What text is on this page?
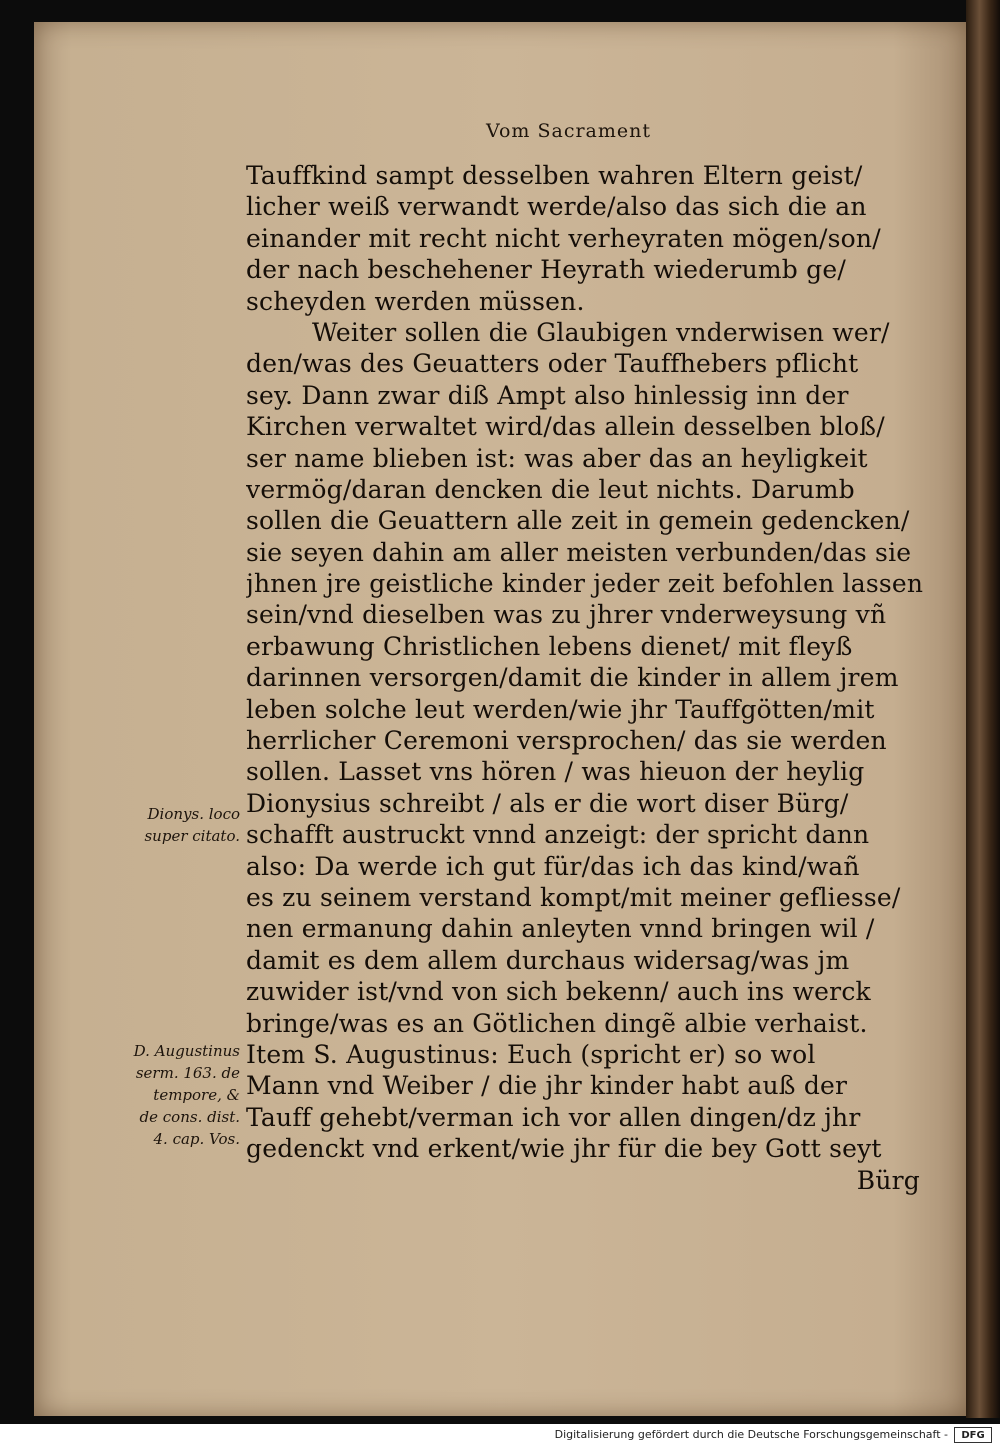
Vom Sacrament
Tauffkind sampt desselben wahren Eltern geist/
licher weiß verwandt werde/also das sich die an
einander mit recht nicht verheyraten mögen/son/
der nach beschehener Heyrath wiederumb ge/
scheyden werden müssen.
Weiter sollen die Glaubigen vnderwisen wer/
den/was des Geuatters oder Tauffhebers pflicht
sey. Dann zwar diß Ampt also hinlessig inn der
Kirchen verwaltet wird/das allein desselben bloß/
ser name blieben ist: was aber das an heyligkeit
vermög/daran dencken die leut nichts. Darumb
sollen die Geuattern alle zeit in gemein gedencken/
sie seyen dahin am aller meisten verbunden/das sie
jhnen jre geistliche kinder jeder zeit befohlen lassen
sein/vnd dieselben was zu jhrer vnderweysung vñ
erbawung Christlichen lebens dienet/ mit fleyß
darinnen versorgen/damit die kinder in allem jrem
leben solche leut werden/wie jhr Tauffgötten/mit
herrlicher Ceremoni versprochen/ das sie werden
sollen. Lasset vns hören / was hieuon der heylig
Dionysius schreibt / als er die wort diser Bürg/
schafft austruckt vnnd anzeigt: der spricht dann
also: Da werde ich gut für/das ich das kind/wañ
es zu seinem verstand kompt/mit meiner gefliesse/
nen ermanung dahin anleyten vnnd bringen wil /
damit es dem allem durchaus widersag/was jm
zuwider ist/vnd von sich bekenn/ auch ins werck
bringe/was es an Götlichen dingẽ albie verhaist.
Item S. Augustinus: Euch (spricht er) so wol
Mann vnd Weiber / die jhr kinder habt auß der
Tauff gehebt/verman ich vor allen dingen/dz jhr
gedenckt vnd erkent/wie jhr für die bey Gott seyt
Bürg
Dionys. loco
super citato.
D. Augustinus
serm. 163. de
tempore, &
de cons. dist.
4. cap. Vos.
Digitalisierung gefördert durch die Deutsche Forschungsgemeinschaft -	DFG
